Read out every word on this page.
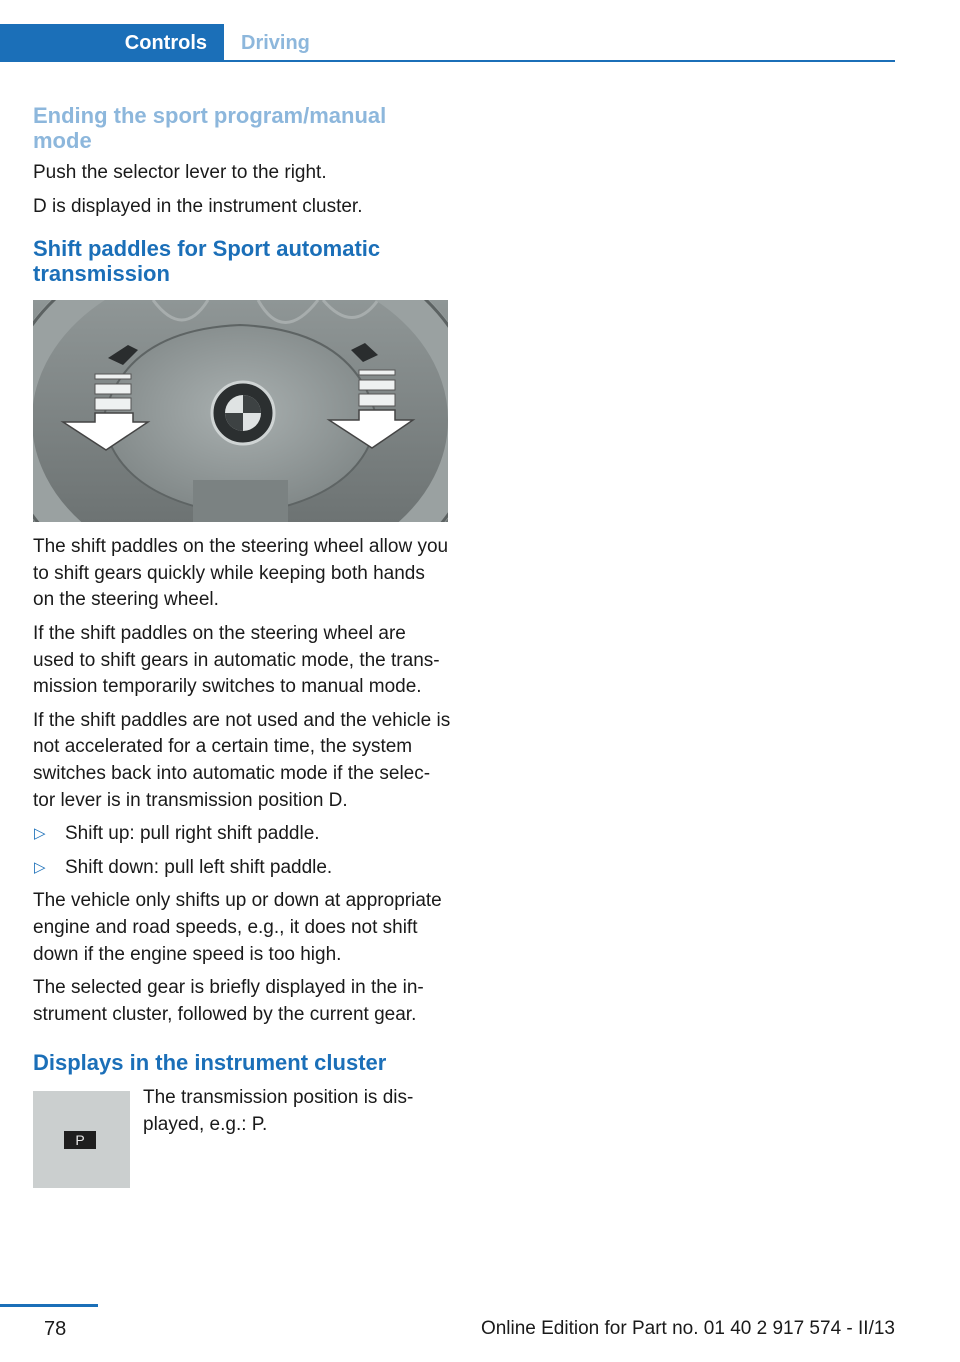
Controls	Driving
Ending the sport program/manual mode

Push the selector lever to the right.

D is displayed in the instrument cluster.

Shift paddles for Sport automatic transmission

The shift paddles on the steering wheel allow you to shift gears quickly while keeping both hands on the steering wheel.

If the shift paddles on the steering wheel are used to shift gears in automatic mode, the trans‐mission temporarily switches to manual mode.

If the shift paddles are not used and the vehicle is not accelerated for a certain time, the system switches back into automatic mode if the selec‐tor lever is in transmission position D.

▷ Shift up: pull right shift paddle.
▷ Shift down: pull left shift paddle.

The vehicle only shifts up or down at appropriate engine and road speeds, e.g., it does not shift down if the engine speed is too high.

The selected gear is briefly displayed in the in‐strument cluster, followed by the current gear.

Displays in the instrument cluster
P

The transmission position is dis‐played, e.g.: P.

78	Online Edition for Part no. 01 40 2 917 574 - II/13
